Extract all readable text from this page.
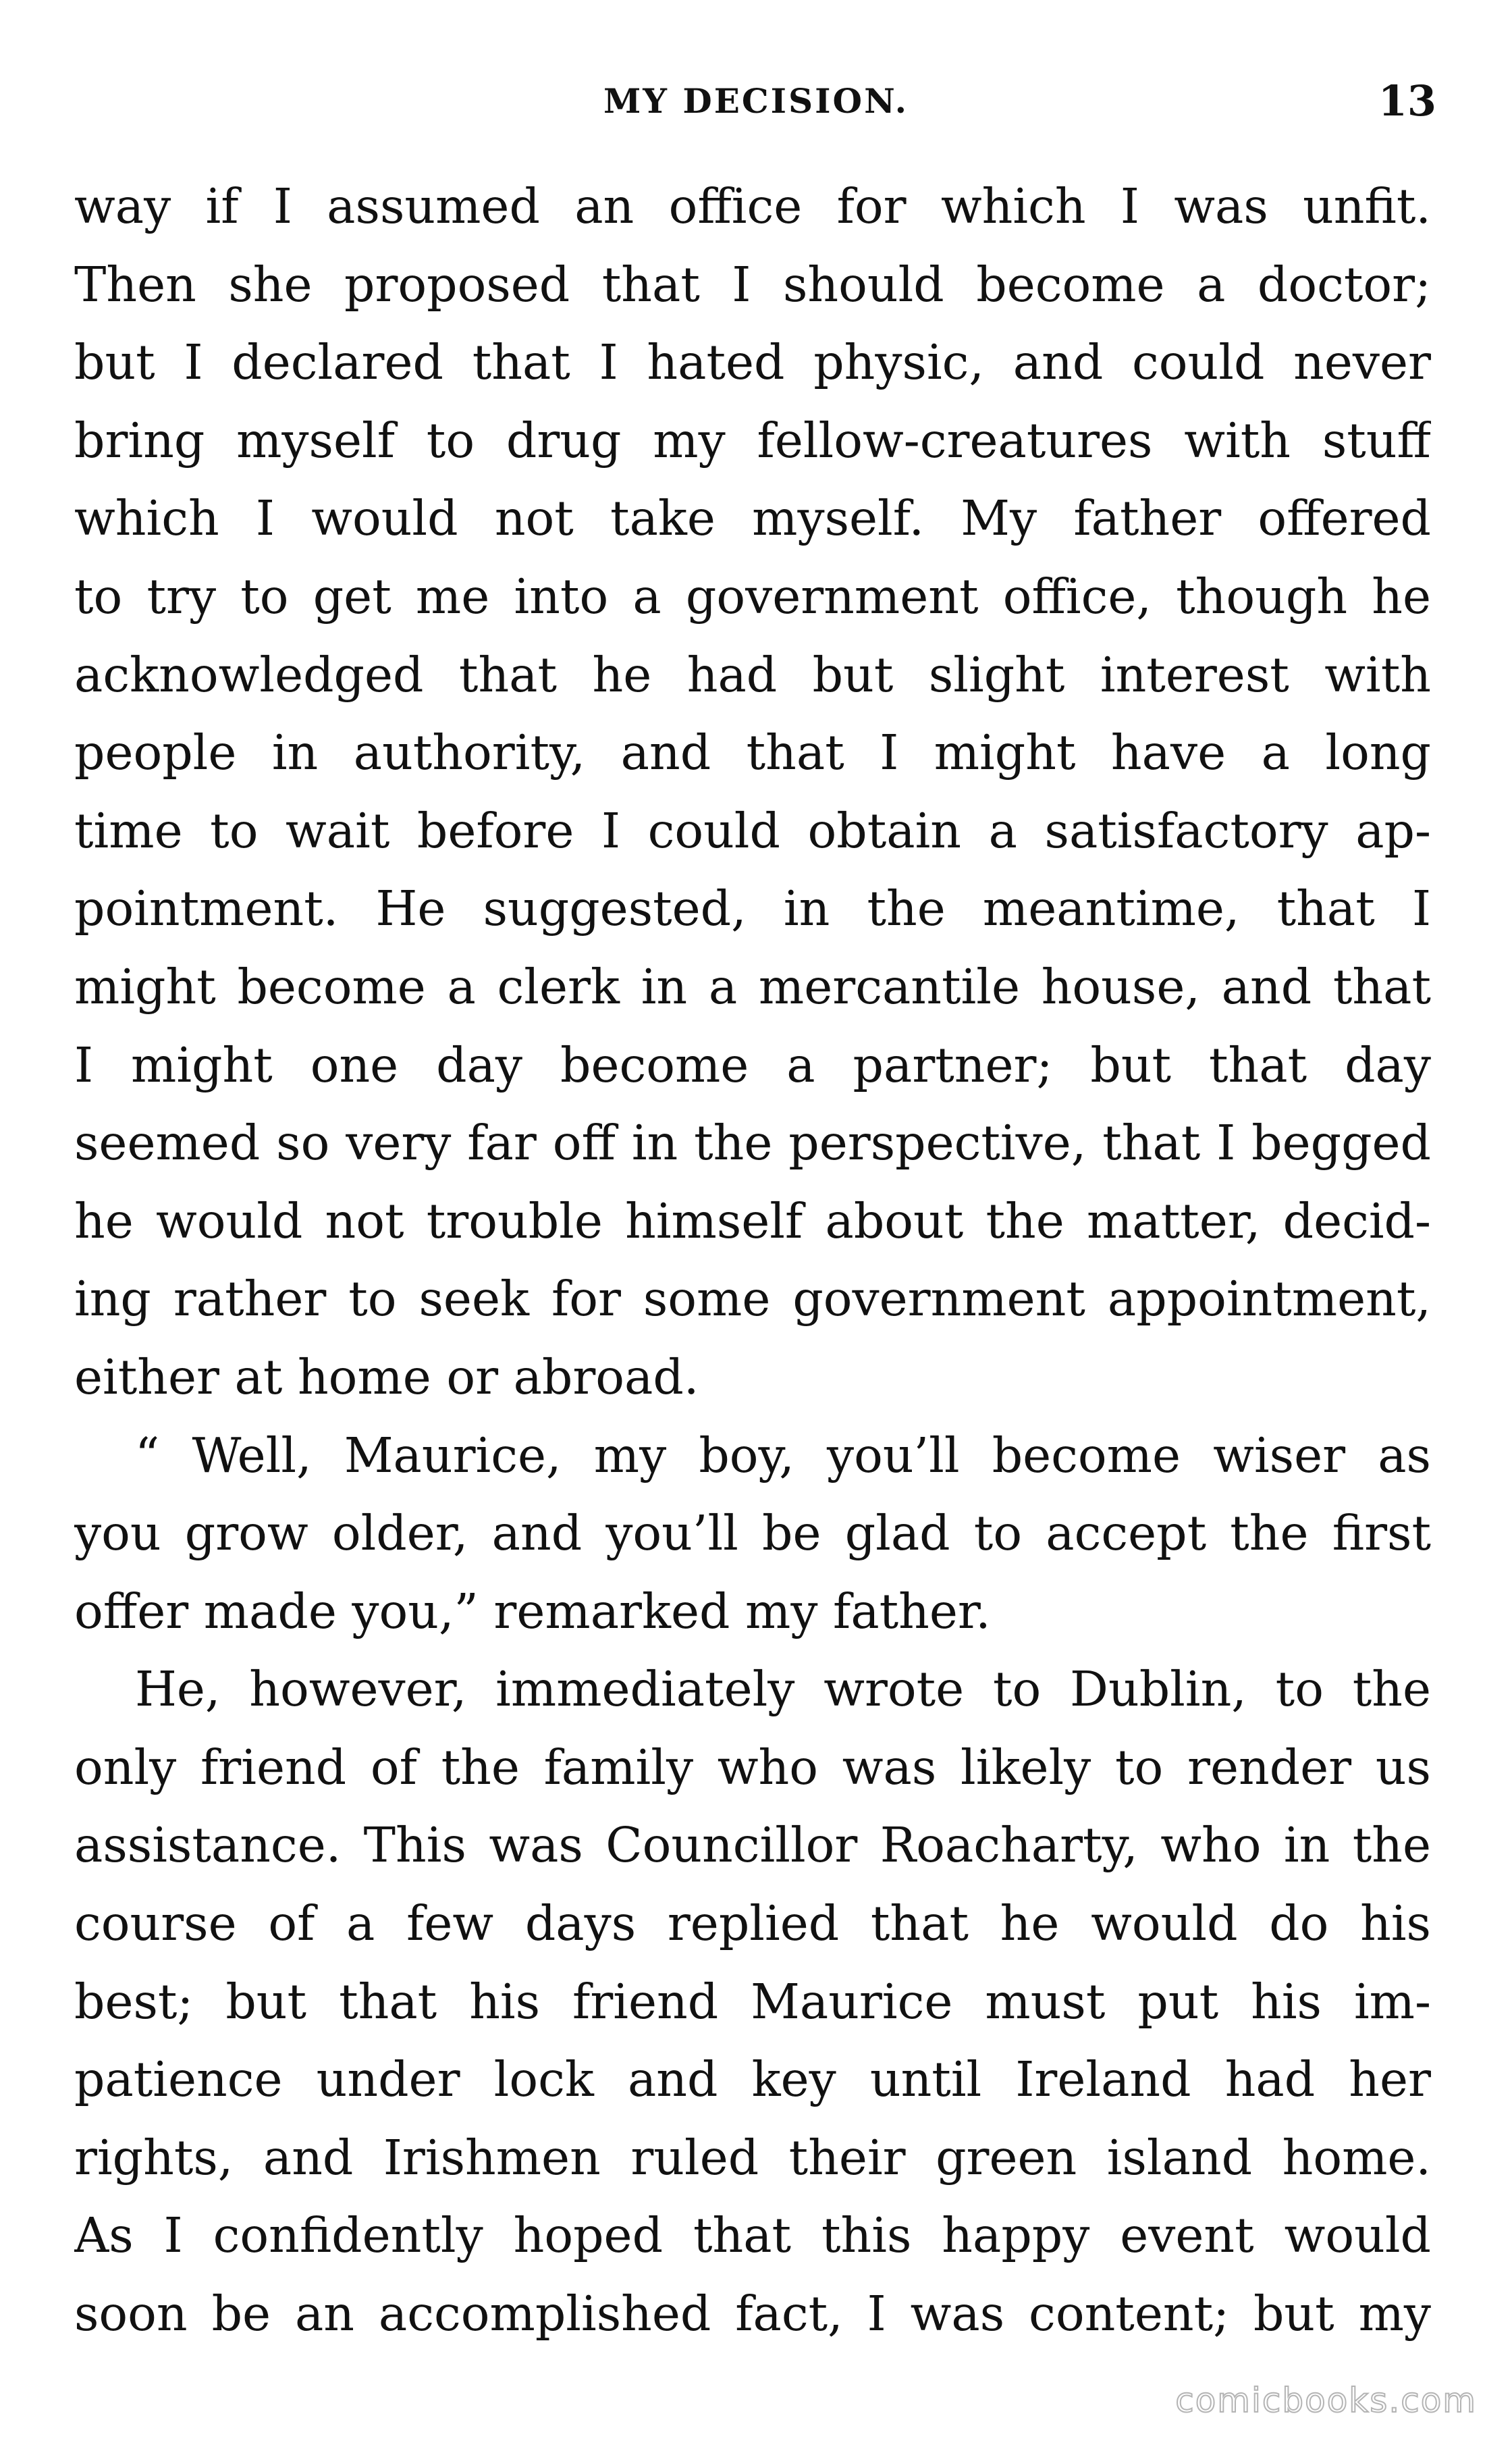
MY DECISION.	13
way if I assumed an office for which I was unfit.
Then she proposed that I should become a doctor;
but I declared that I hated physic, and could never
bring myself to drug my fellow-creatures with stuff
which I would not take myself. My father offered
to try to get me into a government office, though he
acknowledged that he had but slight interest with
people in authority, and that I might have a long
time to wait before I could obtain a satisfactory ap-
pointment. He suggested, in the meantime, that I
might become a clerk in a mercantile house, and that
I might one day become a partner; but that day
seemed so very far off in the perspective, that I begged
he would not trouble himself about the matter, decid-
ing rather to seek for some government appointment,
either at home or abroad.
“ Well, Maurice, my boy, you’ll become wiser as
you grow older, and you’ll be glad to accept the first
offer made you,” remarked my father.
He, however, immediately wrote to Dublin, to the
only friend of the family who was likely to render us
assistance. This was Councillor Roacharty, who in the
course of a few days replied that he would do his
best; but that his friend Maurice must put his im-
patience under lock and key until Ireland had her
rights, and Irishmen ruled their green island home.
As I confidently hoped that this happy event would
soon be an accomplished fact, I was content; but my
comicbooks.com
